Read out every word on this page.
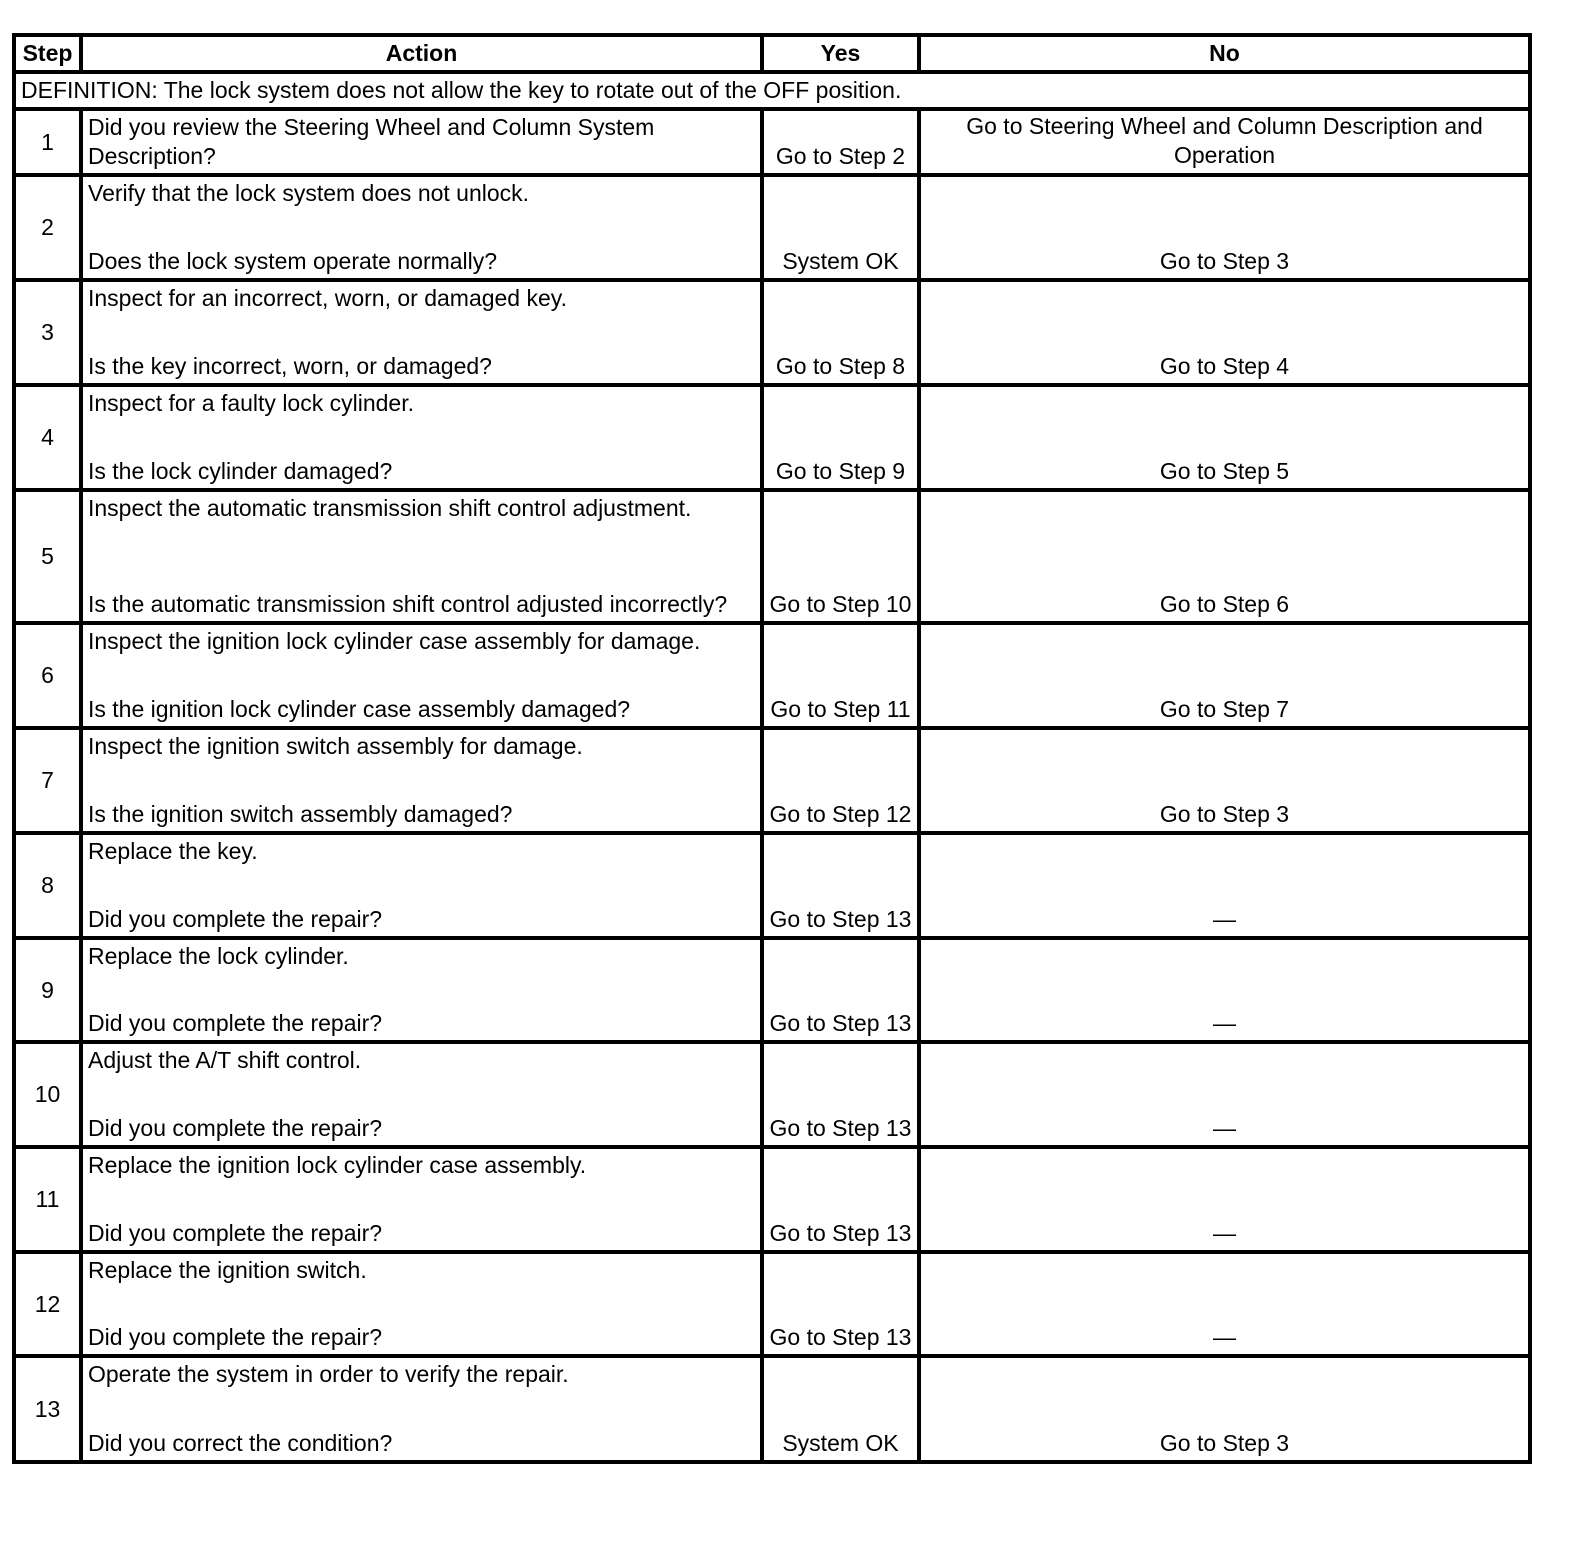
Step	Action	Yes	No
DEFINITION: The lock system does not allow the key to rotate out of the OFF position.			
1	Did you review the Steering Wheel and Column System Description?	Go to Step 2	Go to Steering Wheel and Column Description and Operation
2	Verify that the lock system does not unlock.
Does the lock system operate normally?	System OK	Go to Step 3
3	Inspect for an incorrect, worn, or damaged key.
Is the key incorrect, worn, or damaged?	Go to Step 8	Go to Step 4
4	Inspect for a faulty lock cylinder.
Is the lock cylinder damaged?	Go to Step 9	Go to Step 5
5	Inspect the automatic transmission shift control adjustment.
Is the automatic transmission shift control adjusted incorrectly?	Go to Step 10	Go to Step 6
6	Inspect the ignition lock cylinder case assembly for damage.
Is the ignition lock cylinder case assembly damaged?	Go to Step 11	Go to Step 7
7	Inspect the ignition switch assembly for damage.
Is the ignition switch assembly damaged?	Go to Step 12	Go to Step 3
8	Replace the key.
Did you complete the repair?	Go to Step 13	—
9	Replace the lock cylinder.
Did you complete the repair?	Go to Step 13	—
10	Adjust the A/T shift control.
Did you complete the repair?	Go to Step 13	—
11	Replace the ignition lock cylinder case assembly.
Did you complete the repair?	Go to Step 13	—
12	Replace the ignition switch.
Did you complete the repair?	Go to Step 13	—
13	Operate the system in order to verify the repair.
Did you correct the condition?	System OK	Go to Step 3
